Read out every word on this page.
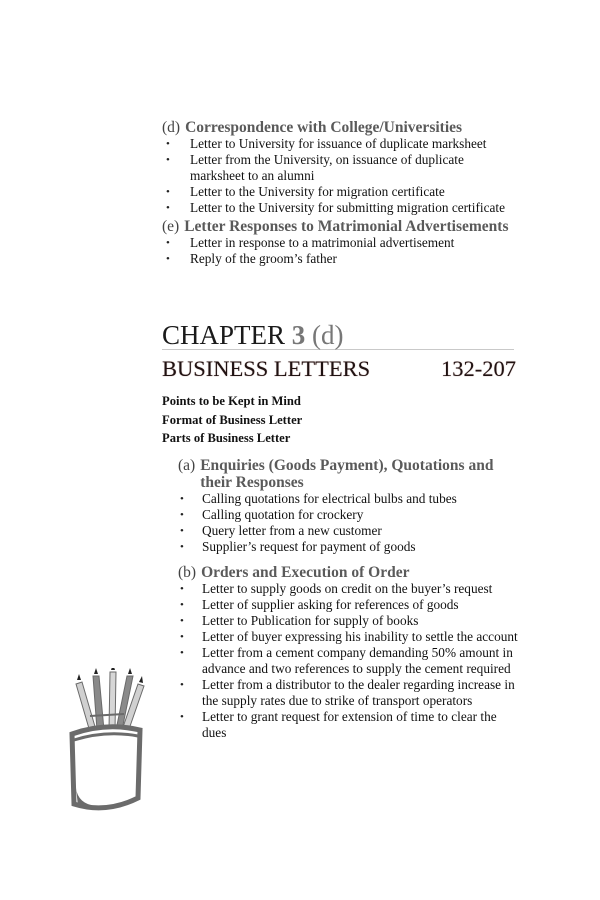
(d) Correspondence with College/Universities
• Letter to University for issuance of duplicate marksheet
• Letter from the University, on issuance of duplicate marksheet to an alumni
• Letter to the University for migration certificate
• Letter to the University for submitting migration certificate
(e) Letter Responses to Matrimonial Advertisements
• Letter in response to a matrimonial advertisement
• Reply of the groom’s father
CHAPTER 3 (d)
BUSINESS LETTERS	132-207
Points to be Kept in Mind
Format of Business Letter
Parts of Business Letter
(a) Enquiries (Goods Payment), Quotations and their Responses
• Calling quotations for electrical bulbs and tubes
• Calling quotation for crockery
• Query letter from a new customer
• Supplier’s request for payment of goods
(b) Orders and Execution of Order
• Letter to supply goods on credit on the buyer’s request
• Letter of supplier asking for references of goods
• Letter to Publication for supply of books
• Letter of buyer expressing his inability to settle the account
• Letter from a cement company demanding 50% amount in advance and two references to supply the cement required
• Letter from a distributor to the dealer regarding increase in the supply rates due to strike of transport operators
• Letter to grant request for extension of time to clear the dues
